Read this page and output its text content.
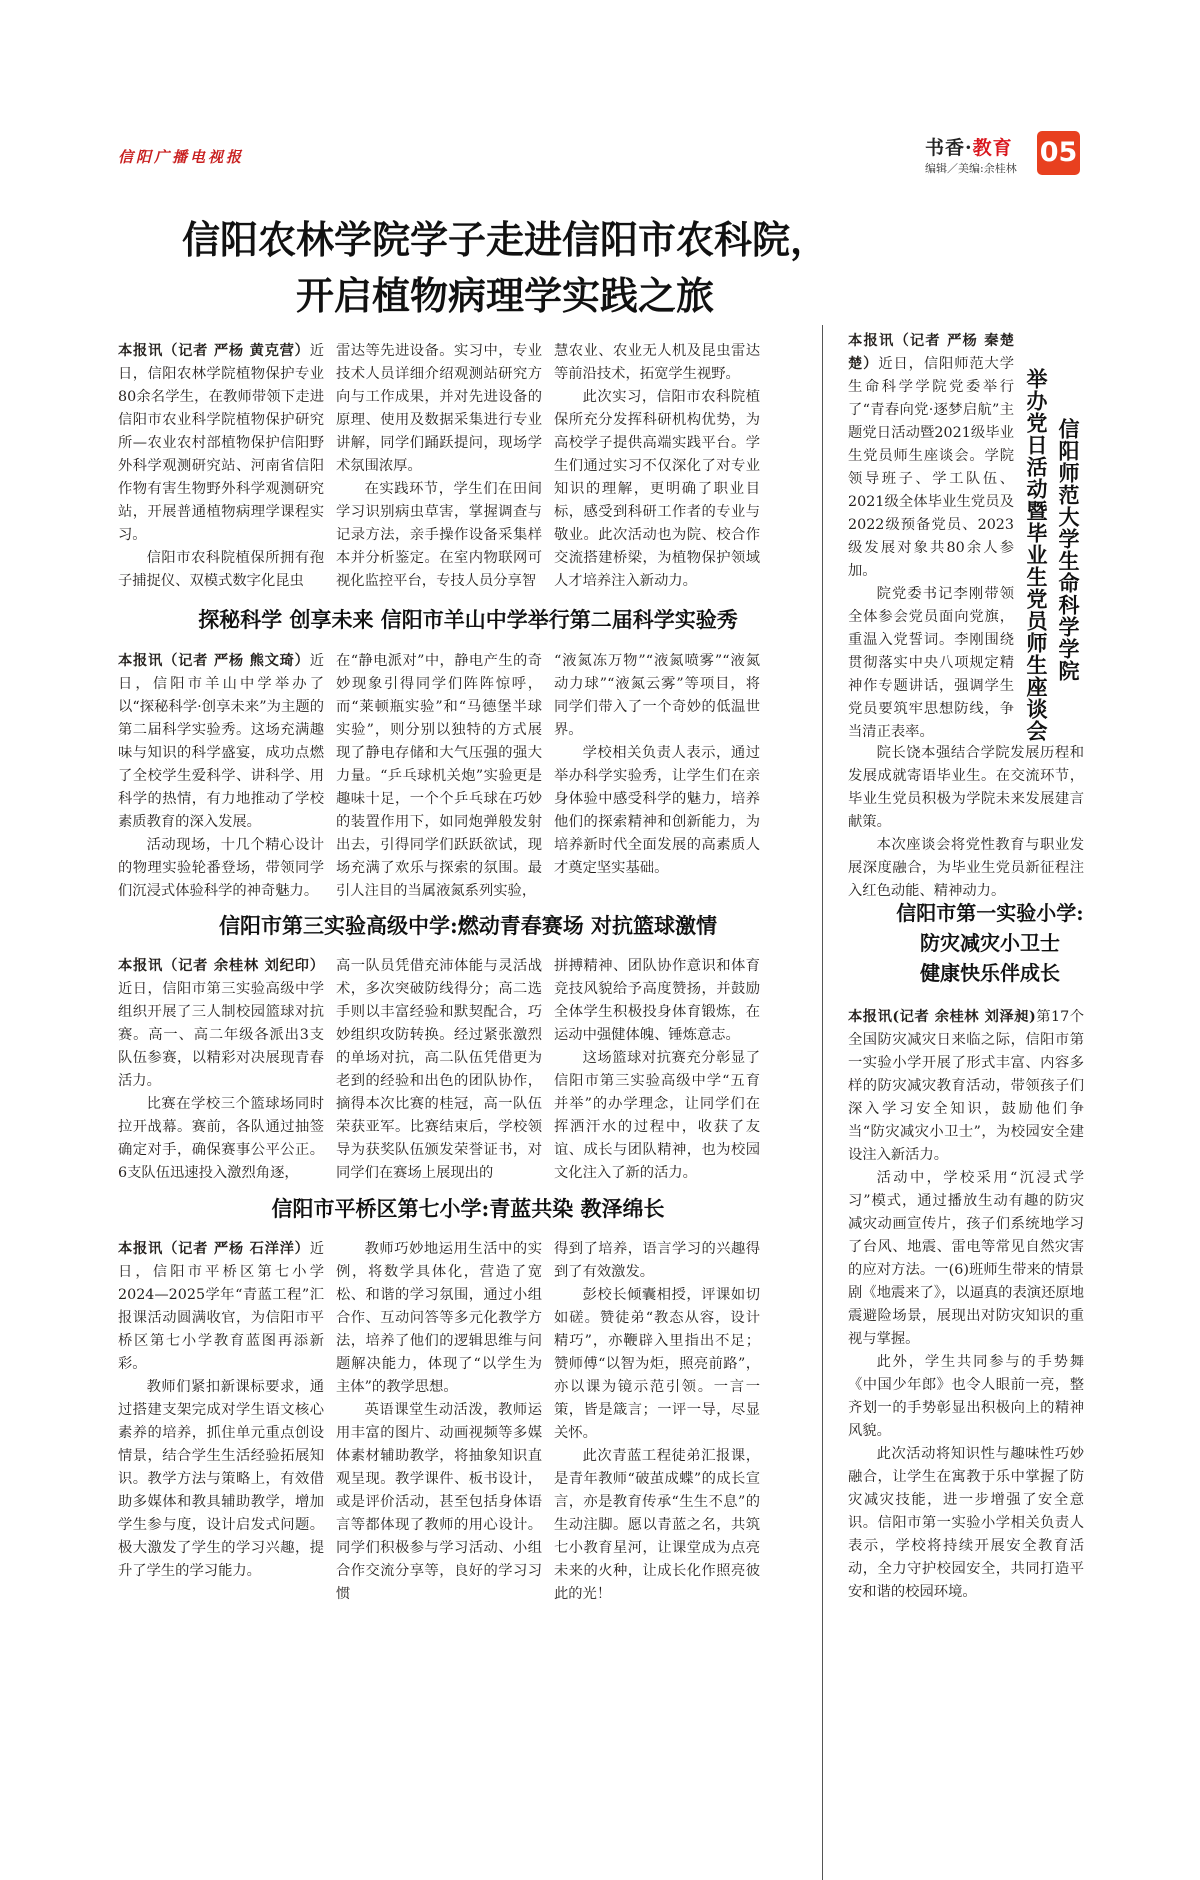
信阳广播电视报	书香·教育
编辑／美编:余桂林
05
信阳农林学院学子走进信阳市农科院，
开启植物病理学实践之旅

本报讯（记者 严杨 黄克营）近日，信阳农林学院植物保护专业80余名学生，在教师带领下走进信阳市农业科学院植物保护研究所—农业农村部植物保护信阳野外科学观测研究站、河南省信阳作物有害生物野外科学观测研究站，开展普通植物病理学课程实习。

信阳市农科院植保所拥有孢子捕捉仪、双模式数字化昆虫

雷达等先进设备。实习中，专业技术人员详细介绍观测站研究方向与工作成果，并对先进设备的原理、使用及数据采集进行专业讲解，同学们踊跃提问，现场学术氛围浓厚。

在实践环节，学生们在田间学习识别病虫草害，掌握调查与记录方法，亲手操作设备采集样本并分析鉴定。在室内物联网可视化监控平台，专技人员分享智

慧农业、农业无人机及昆虫雷达等前沿技术，拓宽学生视野。

此次实习，信阳市农科院植保所充分发挥科研机构优势，为高校学子提供高端实践平台。学生们通过实习不仅深化了对专业知识的理解，更明确了职业目标，感受到科研工作者的专业与敬业。此次活动也为院、校合作交流搭建桥梁，为植物保护领域人才培养注入新动力。

探秘科学 创享未来 信阳市羊山中学举行第二届科学实验秀

本报讯（记者 严杨 熊文琦）近日，信阳市羊山中学举办了以“探秘科学·创享未来”为主题的第二届科学实验秀。这场充满趣味与知识的科学盛宴，成功点燃了全校学生爱科学、讲科学、用科学的热情，有力地推动了学校素质教育的深入发展。

活动现场，十几个精心设计的物理实验轮番登场，带领同学们沉浸式体验科学的神奇魅力。

在“静电派对”中，静电产生的奇妙现象引得同学们阵阵惊呼，而“莱顿瓶实验”和“马德堡半球实验”，则分别以独特的方式展现了静电存储和大气压强的强大力量。“乒乓球机关炮”实验更是趣味十足，一个个乒乓球在巧妙的装置作用下，如同炮弹般发射出去，引得同学们跃跃欲试，现场充满了欢乐与探索的氛围。最引人注目的当属液氮系列实验，

“液氮冻万物”“液氮喷雾”“液氮动力球”“液氮云雾”等项目，将同学们带入了一个奇妙的低温世界。

学校相关负责人表示，通过举办科学实验秀，让学生们在亲身体验中感受科学的魅力，培养他们的探索精神和创新能力，为培养新时代全面发展的高素质人才奠定坚实基础。

信阳市第三实验高级中学:燃动青春赛场 对抗篮球激情

本报讯（记者 余桂林 刘纪印）近日，信阳市第三实验高级中学组织开展了三人制校园篮球对抗赛。高一、高二年级各派出3支队伍参赛，以精彩对决展现青春活力。

比赛在学校三个篮球场同时拉开战幕。赛前，各队通过抽签确定对手，确保赛事公平公正。6支队伍迅速投入激烈角逐，

高一队员凭借充沛体能与灵活战术，多次突破防线得分；高二选手则以丰富经验和默契配合，巧妙组织攻防转换。经过紧张激烈的单场对抗，高二队伍凭借更为老到的经验和出色的团队协作，摘得本次比赛的桂冠，高一队伍荣获亚军。比赛结束后，学校领导为获奖队伍颁发荣誉证书，对同学们在赛场上展现出的

拼搏精神、团队协作意识和体育竞技风貌给予高度赞扬，并鼓励全体学生积极投身体育锻炼，在运动中强健体魄、锤炼意志。

这场篮球对抗赛充分彰显了信阳市第三实验高级中学“五育并举”的办学理念，让同学们在挥洒汗水的过程中，收获了友谊、成长与团队精神，也为校园文化注入了新的活力。

信阳市平桥区第七小学:青蓝共染 教泽绵长

本报讯（记者 严杨 石洋洋）近日，信阳市平桥区第七小学2024—2025学年“青蓝工程”汇报课活动圆满收官，为信阳市平桥区第七小学教育蓝图再添新彩。

教师们紧扣新课标要求，通过搭建支架完成对学生语文核心素养的培养，抓住单元重点创设情景，结合学生生活经验拓展知识。教学方法与策略上，有效借助多媒体和教具辅助教学，增加学生参与度，设计启发式问题。极大激发了学生的学习兴趣，提升了学生的学习能力。

教师巧妙地运用生活中的实例，将数学具体化，营造了宽松、和谐的学习氛围，通过小组合作、互动问答等多元化教学方法，培养了他们的逻辑思维与问题解决能力，体现了“以学生为主体”的教学思想。

英语课堂生动活泼，教师运用丰富的图片、动画视频等多媒体素材辅助教学，将抽象知识直观呈现。教学课件、板书设计，或是评价活动，甚至包括身体语言等都体现了教师的用心设计。同学们积极参与学习活动、小组合作交流分享等，良好的学习习惯

得到了培养，语言学习的兴趣得到了有效激发。

彭校长倾囊相授，评课如切如磋。赞徒弟“教态从容，设计精巧”，亦鞭辟入里指出不足；赞师傅“以智为炬，照亮前路”，亦以课为镜示范引领。一言一策，皆是箴言；一评一导，尽显关怀。

此次青蓝工程徒弟汇报课，是青年教师“破茧成蝶”的成长宣言，亦是教育传承“生生不息”的生动注脚。愿以青蓝之名，共筑七小教育星河，让课堂成为点亮未来的火种，让成长化作照亮彼此的光！

信阳师范大学生命科学学院
举办党日活动暨毕业生党员师生座谈会

本报讯（记者 严杨 秦楚楚）近日，信阳师范大学生命科学学院党委举行了“青春向党·逐梦启航”主题党日活动暨2021级毕业生党员师生座谈会。学院领导班子、学工队伍、2021级全体毕业生党员及2022级预备党员、2023级发展对象共80余人参加。

院党委书记李刚带领全体参会党员面向党旗，重温入党誓词。李刚围绕贯彻落实中央八项规定精神作专题讲话，强调学生党员要筑牢思想防线，争当清正表率。

院长饶本强结合学院发展历程和发展成就寄语毕业生。在交流环节，毕业生党员积极为学院未来发展建言献策。

本次座谈会将党性教育与职业发展深度融合，为毕业生党员新征程注入红色动能、精神动力。

信阳市第一实验小学:
防灾减灾小卫士
健康快乐伴成长

本报讯(记者 余桂林 刘泽昶)第17个全国防灾减灾日来临之际，信阳市第一实验小学开展了形式丰富、内容多样的防灾减灾教育活动，带领孩子们深入学习安全知识，鼓励他们争当“防灾减灾小卫士”，为校园安全建设注入新活力。

活动中，学校采用“沉浸式学习”模式，通过播放生动有趣的防灾减灾动画宣传片，孩子们系统地学习了台风、地震、雷电等常见自然灾害的应对方法。一(6)班师生带来的情景剧《地震来了》，以逼真的表演还原地震避险场景，展现出对防灾知识的重视与掌握。

此外，学生共同参与的手势舞《中国少年郎》也令人眼前一亮，整齐划一的手势彰显出积极向上的精神风貌。

此次活动将知识性与趣味性巧妙融合，让学生在寓教于乐中掌握了防灾减灾技能，进一步增强了安全意识。信阳市第一实验小学相关负责人表示，学校将持续开展安全教育活动，全力守护校园安全，共同打造平安和谐的校园环境。
